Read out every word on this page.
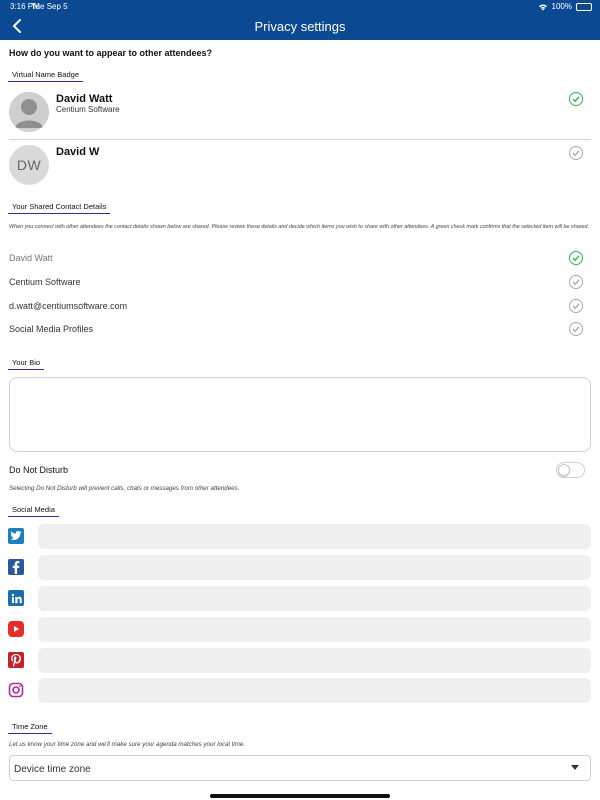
3:16 PM
Tue Sep 5	100%
Privacy settings
How do you want to appear to other attendees?
Virtual Name Badge
David Watt
Centium Software
DW
David W
Your Shared Contact Details
When you connect with other attendees the contact details shown below are shared. Please review these details and decide which items you wish to share with other attendees. A green check mark confirms that the selected item will be shared.
David Watt
Centium Software
d.watt@centiumsoftware.com
Social Media Profiles
Your Bio
Do Not Disturb
Selecting Do Not Disturb will prevent calls, chats or messages from other attendees.
Social Media
Time Zone
Let us know your time zone and we'll make sure your agenda matches your local time.
Device time zone
